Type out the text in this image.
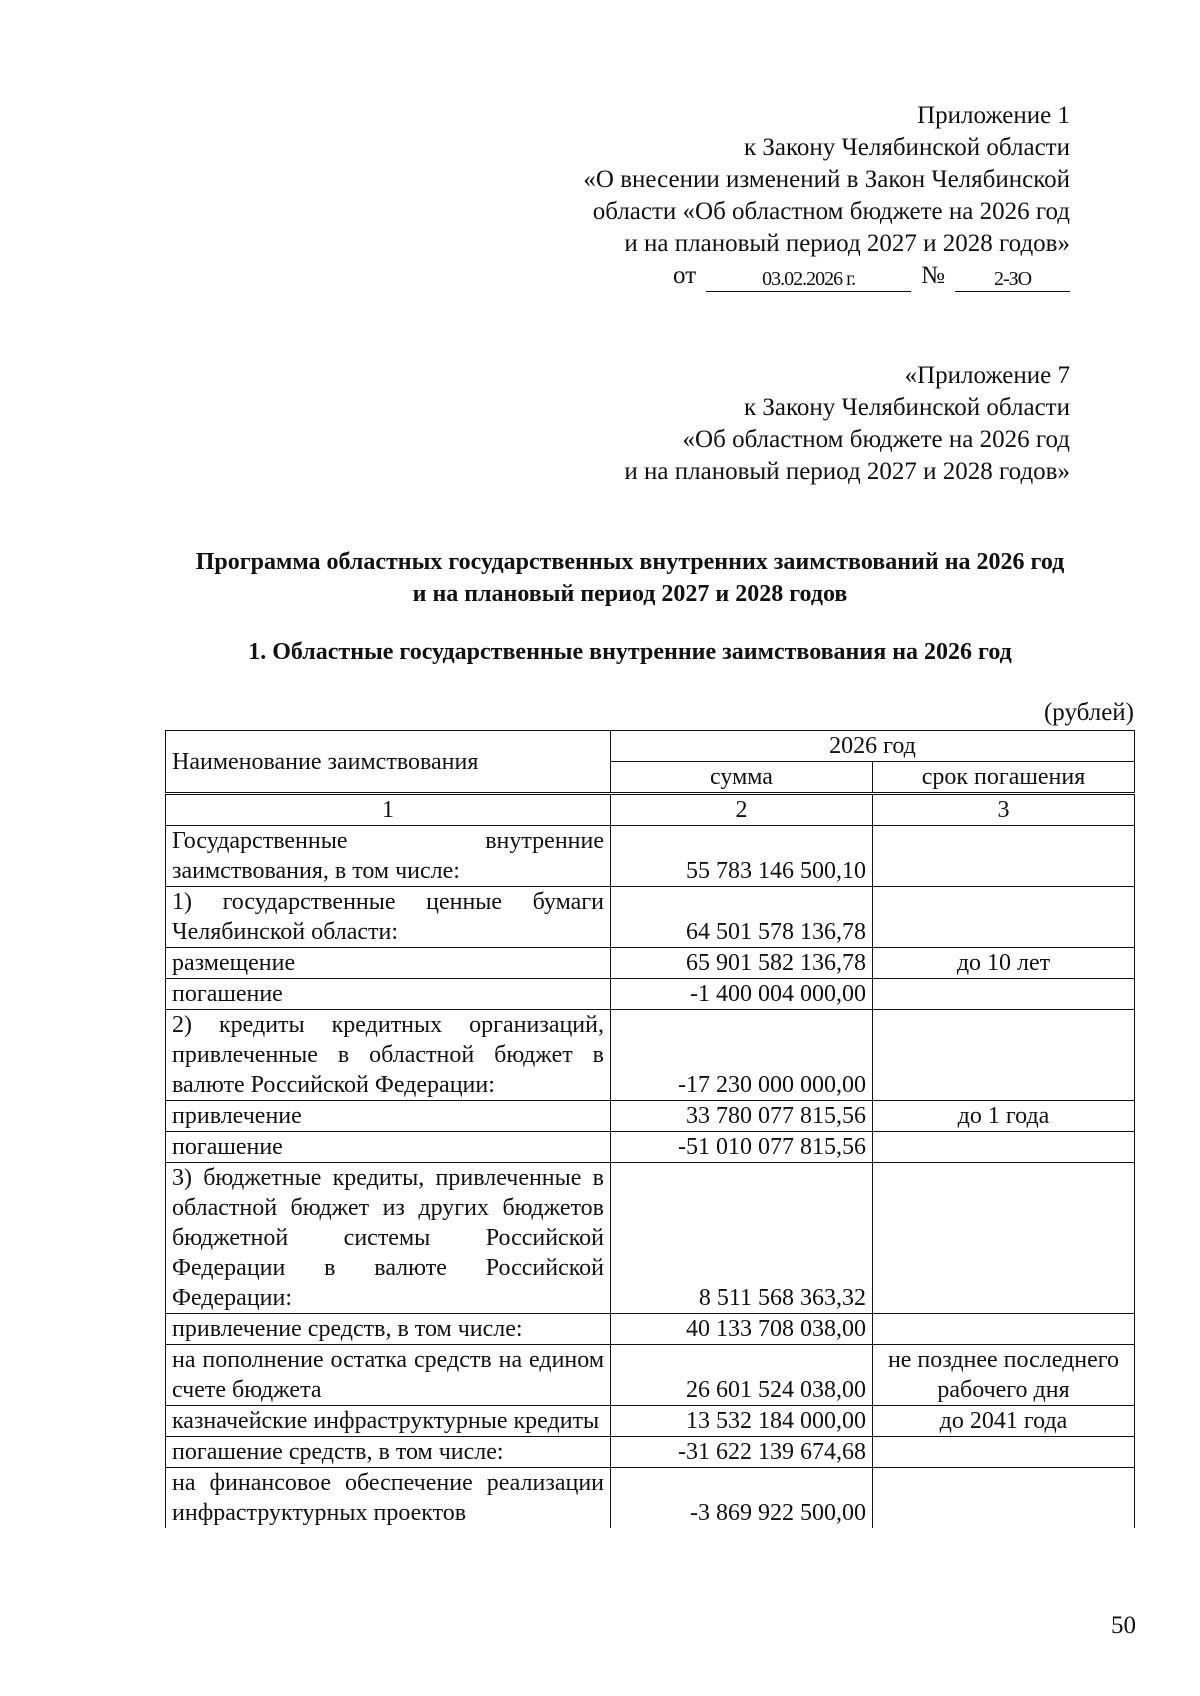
Приложение 1
к Закону Челябинской области
«О внесении изменений в Закон Челябинской
области «Об областном бюджете на 2026 год
и на плановый период 2027 и 2028 годов»
от	03.02.2026 г.	№	2-ЗО
«Приложение 7
к Закону Челябинской области
«Об областном бюджете на 2026 год
и на плановый период 2027 и 2028 годов»
Программа областных государственных внутренних заимствований на 2026 год
и на плановый период 2027 и 2028 годов
1. Областные государственные внутренние заимствования на 2026 год
(рублей)
Наименование заимствования	2026 год	
	сумма	срок погашения
1	2	3
Государственные внутренние заимствования, в том числе:	55 783 146 500,10	
1) государственные ценные бумаги Челябинской области:	64 501 578 136,78	
размещение	65 901 582 136,78	до 10 лет
погашение	-1 400 004 000,00	
2) кредиты кредитных организаций, привлеченные в областной бюджет в валюте Российской Федерации:	-17 230 000 000,00	
привлечение	33 780 077 815,56	до 1 года
погашение	-51 010 077 815,56	
3) бюджетные кредиты, привлеченные в областной бюджет из других бюджетов бюджетной системы Российской Федерации в валюте Российской Федерации:	8 511 568 363,32	
привлечение средств, в том числе:	40 133 708 038,00	
на пополнение остатка средств на едином счете бюджета	26 601 524 038,00	не позднее последнего рабочего дня
казначейские инфраструктурные кредиты	13 532 184 000,00	до 2041 года
погашение средств, в том числе:	-31 622 139 674,68	
на финансовое обеспечение реализации инфраструктурных проектов	-3 869 922 500,00	
50
